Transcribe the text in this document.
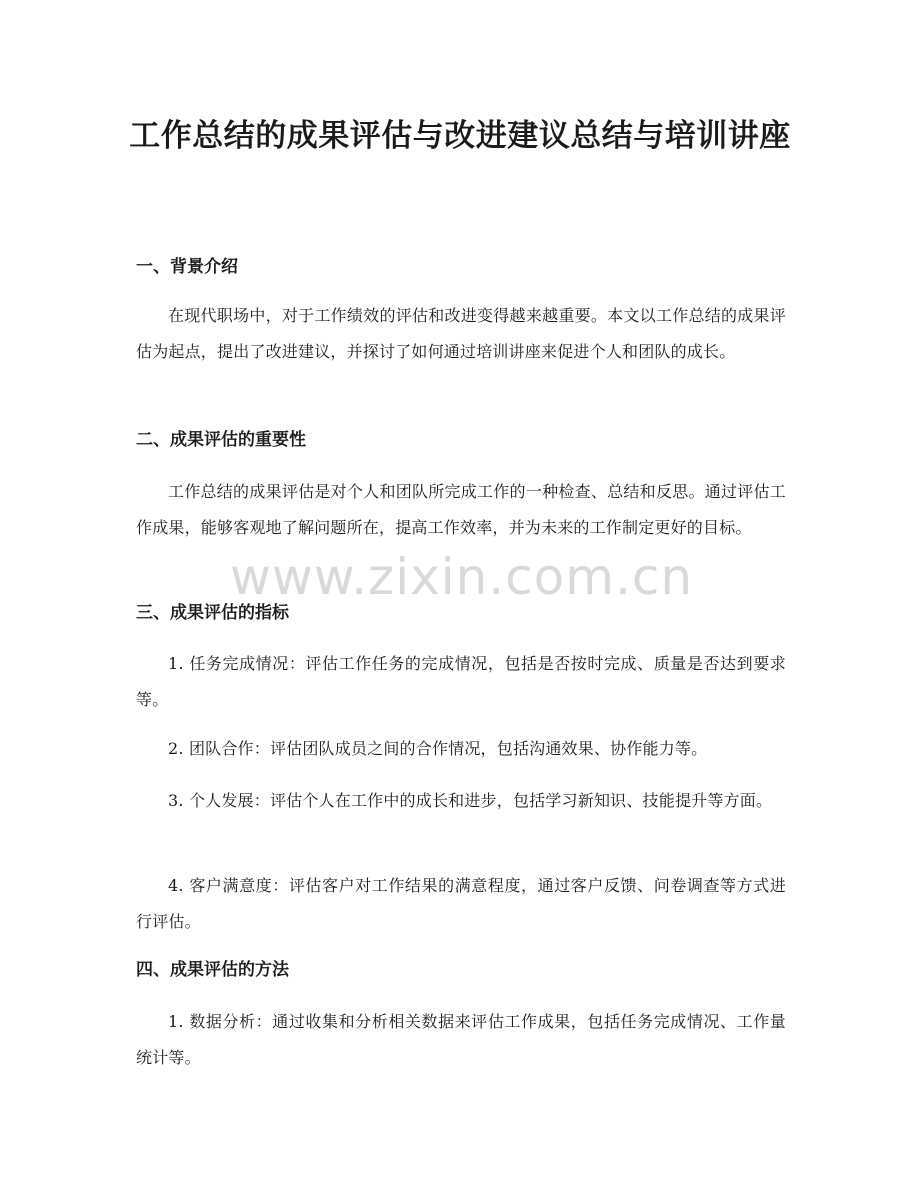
工作总结的成果评估与改进建议总结与培训讲座
一、背景介绍
在现代职场中，对于工作绩效的评估和改进变得越来越重要。本文以工作总结的成果评估为起点，提出了改进建议，并探讨了如何通过培训讲座来促进个人和团队的成长。
二、成果评估的重要性
工作总结的成果评估是对个人和团队所完成工作的一种检查、总结和反思。通过评估工作成果，能够客观地了解问题所在，提高工作效率，并为未来的工作制定更好的目标。
三、成果评估的指标
1. 任务完成情况：评估工作任务的完成情况，包括是否按时完成、质量是否达到要求等。
2. 团队合作：评估团队成员之间的合作情况，包括沟通效果、协作能力等。
3. 个人发展：评估个人在工作中的成长和进步，包括学习新知识、技能提升等方面。
4. 客户满意度：评估客户对工作结果的满意程度，通过客户反馈、问卷调查等方式进行评估。
四、成果评估的方法
1. 数据分析：通过收集和分析相关数据来评估工作成果，包括任务完成情况、工作量统计等。
www.zixin.com.cn
